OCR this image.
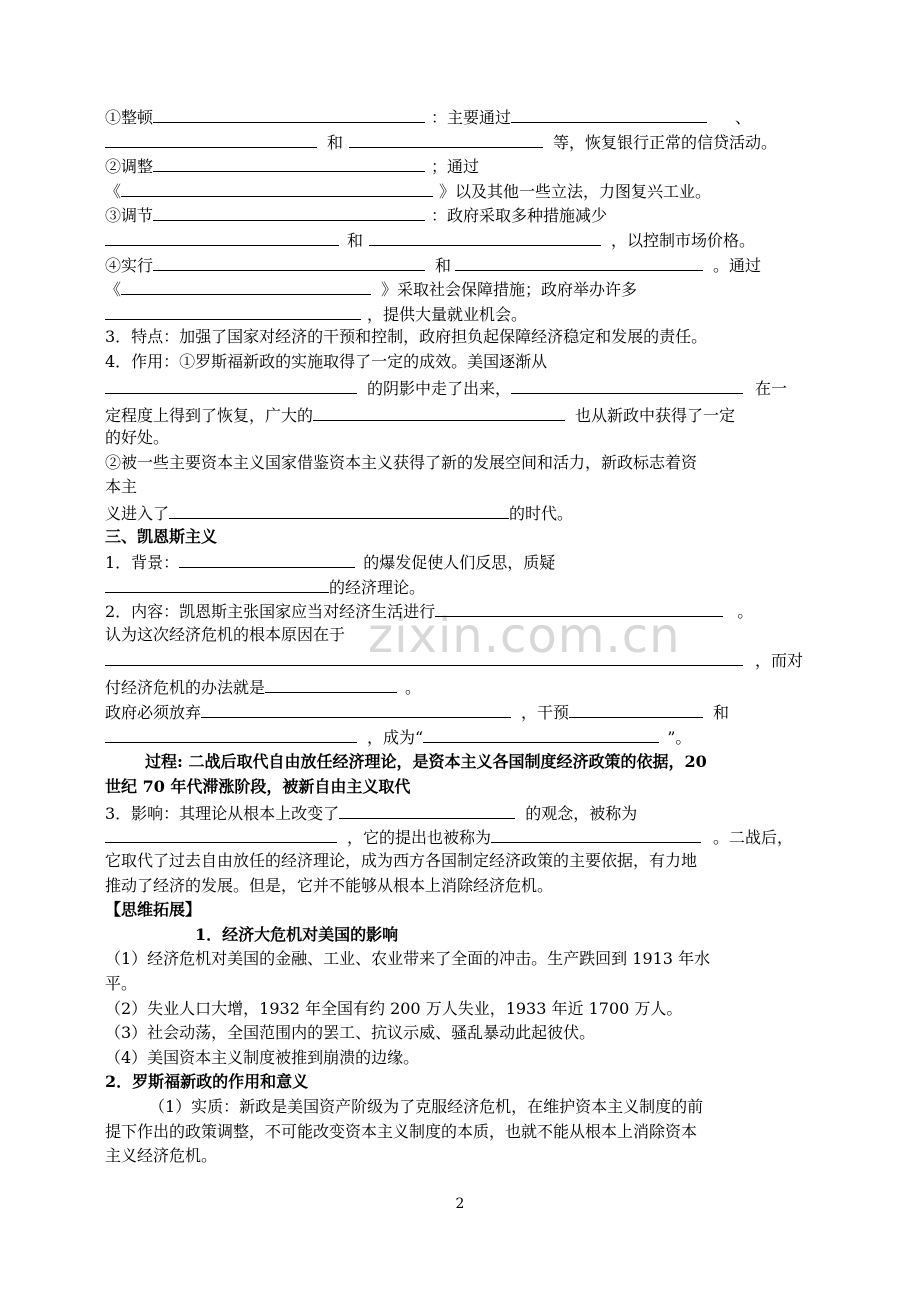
zixin.com.cn
①整顿	：主要通过	、
和	等，恢复银行正常的信贷活动。
②调整	；通过
《	》以及其他一些立法，力图复兴工业。
③调节	：政府采取多种措施减少
和	，以控制市场价格。
④实行	和	。通过
《	》采取社会保障措施；政府举办许多
，提供大量就业机会。
3．特点：加强了国家对经济的干预和控制，政府担负起保障经济稳定和发展的责任。
4．作用：①罗斯福新政的实施取得了一定的成效。美国逐渐从
的阴影中走了出来，	在一
定程度上得到了恢复，广大的	也从新政中获得了一定
的好处。
②被一些主要资本主义国家借鉴资本主义获得了新的发展空间和活力，新政标志着资
本主
义进入了	的时代。
三、凯恩斯主义
1．背景：	的爆发促使人们反思，质疑
的经济理论。
2．内容：凯恩斯主张国家应当对经济生活进行	。
认为这次经济危机的根本原因在于
，而对
付经济危机的办法就是	。
政府必须放弃	，干预	和
，成为“	”。
过程: 二战后取代自由放任经济理论，是资本主义各国制度经济政策的依据，20
世纪 70 年代滞涨阶段，被新自由主义取代
3．影响：其理论从根本上改变了	的观念，被称为
，它的提出也被称为	。二战后，
它取代了过去自由放任的经济理论，成为西方各国制定经济政策的主要依据，有力地
推动了经济的发展。但是，它并不能够从根本上消除经济危机。
【思维拓展】
1．经济大危机对美国的影响
（1）经济危机对美国的金融、工业、农业带来了全面的冲击。生产跌回到 1913 年水
平。
（2）失业人口大增，1932 年全国有约 200 万人失业，1933 年近 1700 万人。
（3）社会动荡，全国范围内的罢工、抗议示威、骚乱暴动此起彼伏。
（4）美国资本主义制度被推到崩溃的边缘。
2．罗斯福新政的作用和意义
（1）实质：新政是美国资产阶级为了克服经济危机，在维护资本主义制度的前
提下作出的政策调整，不可能改变资本主义制度的本质，也就不能从根本上消除资本
主义经济危机。
2
